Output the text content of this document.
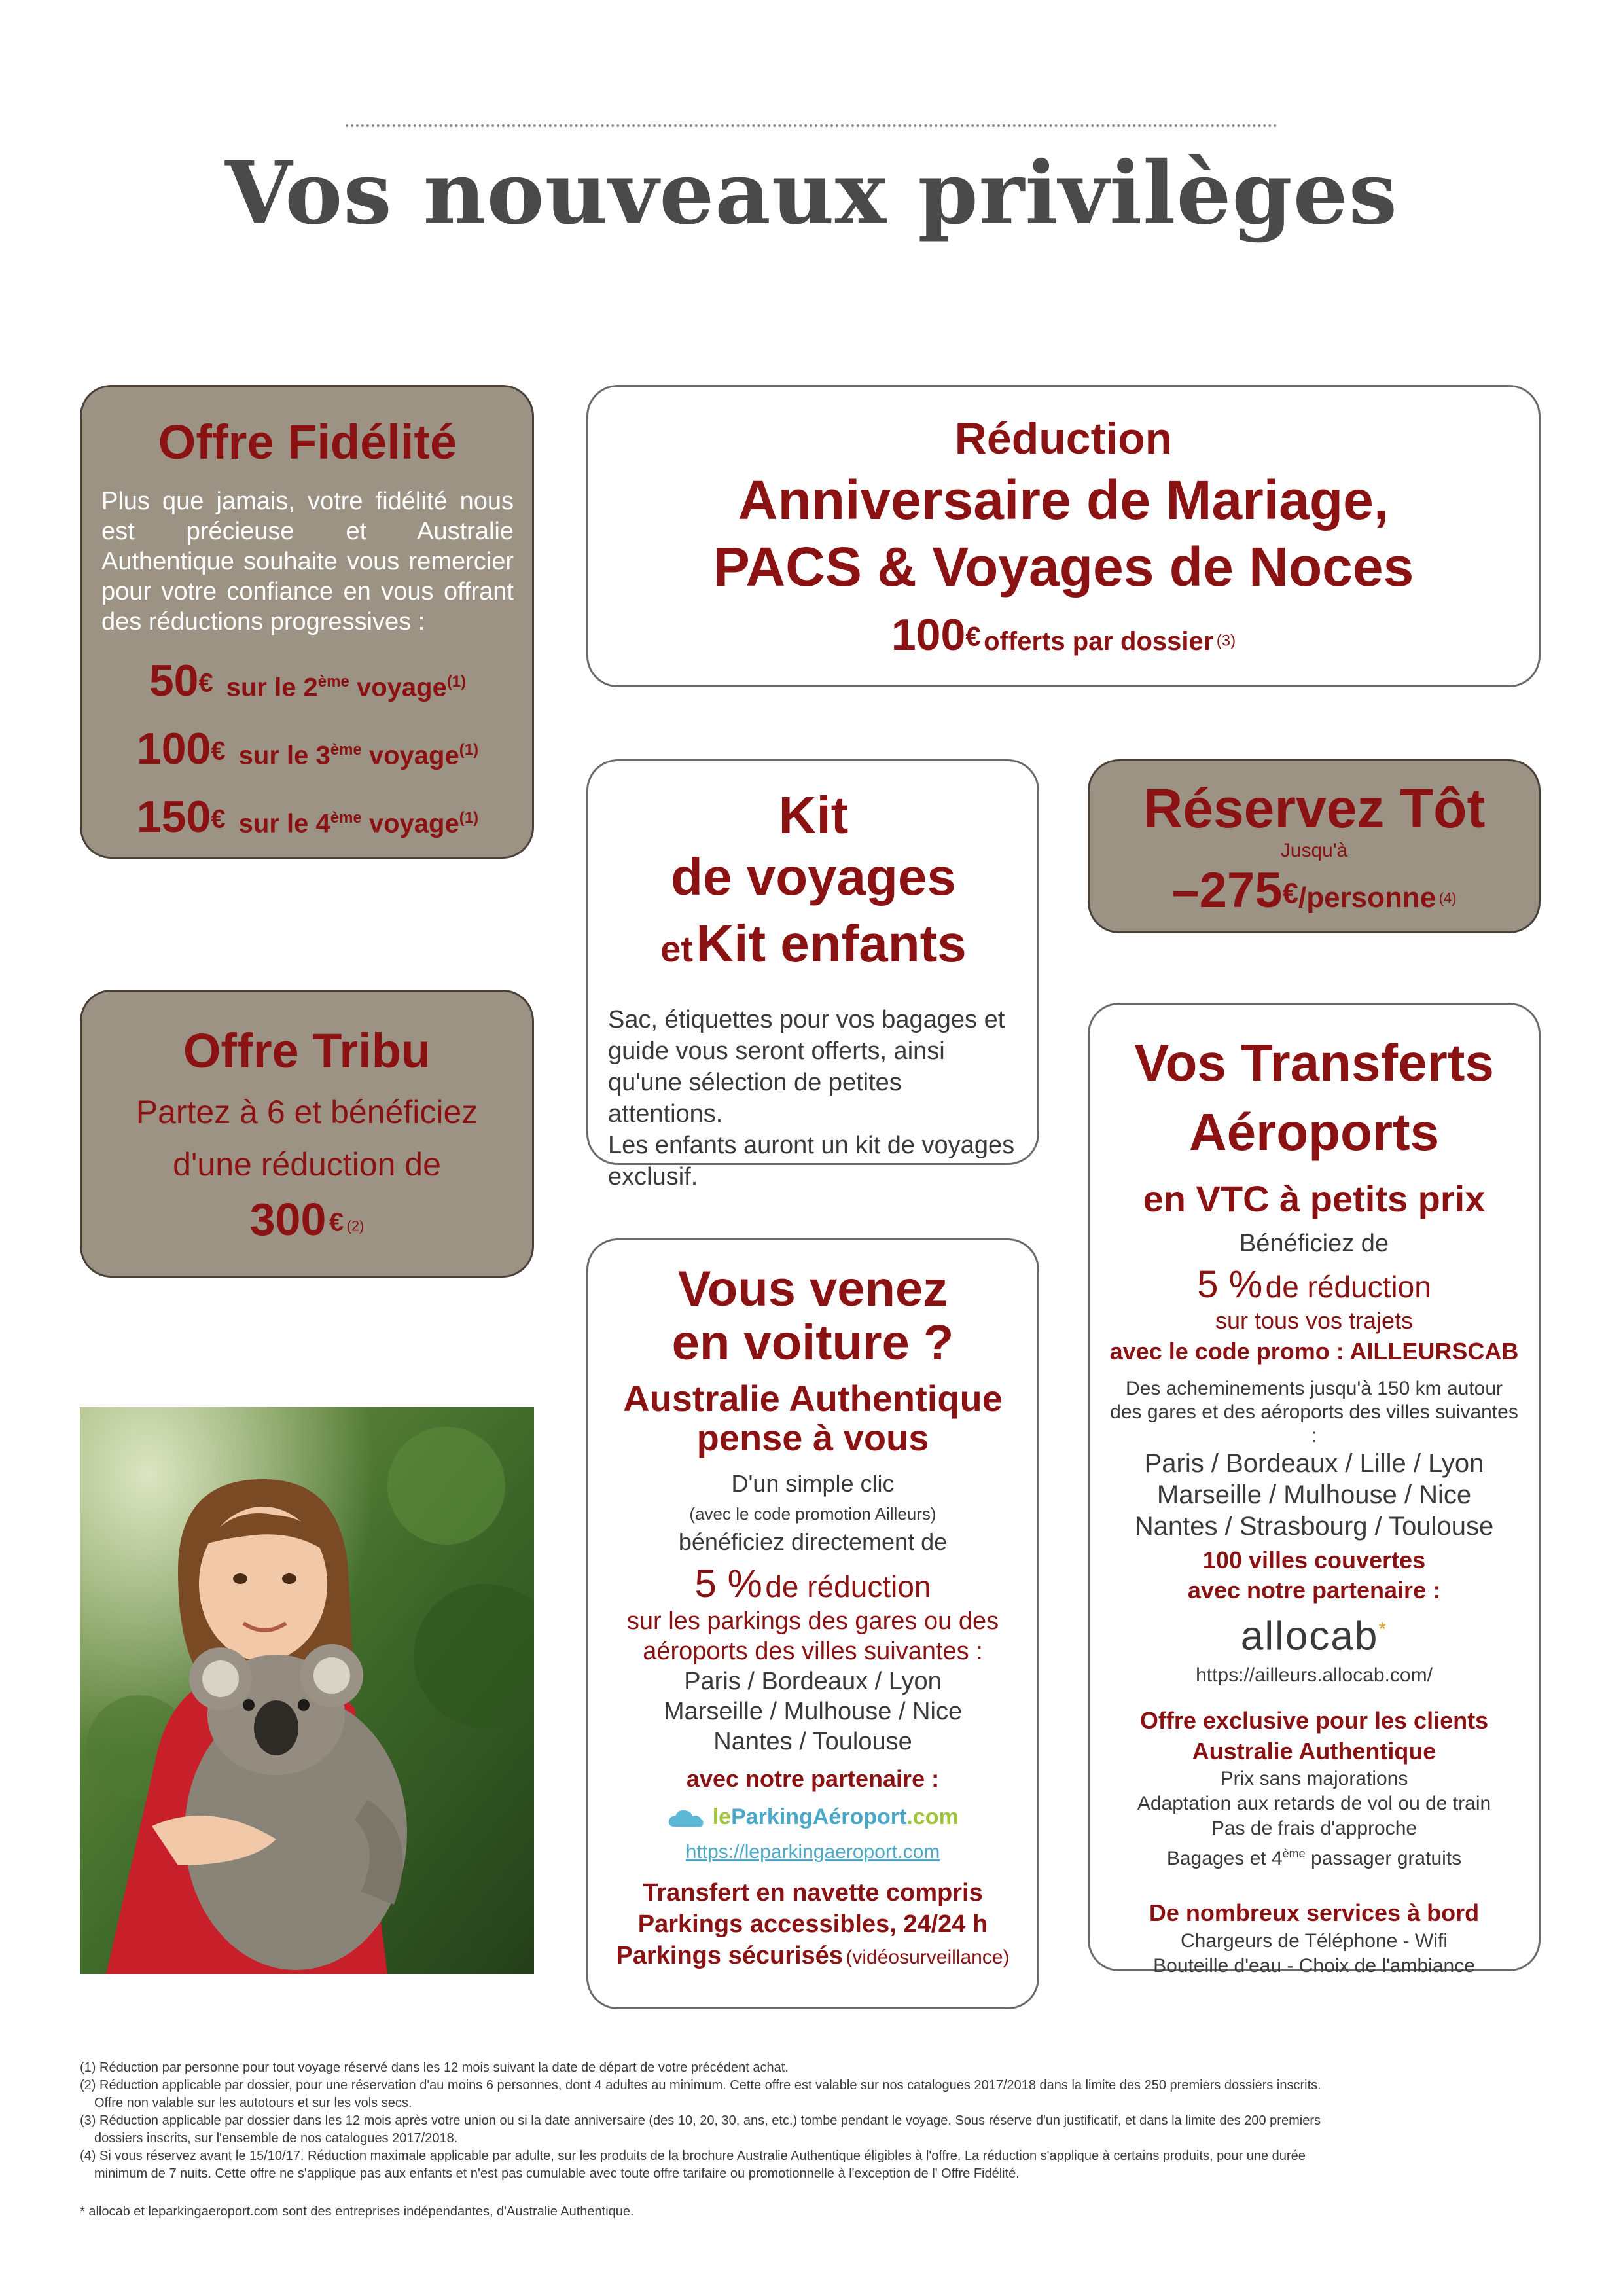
Vos nouveaux privilèges
Offre Fidélité
Plus que jamais, votre fidélité nous est précieuse et Australie Authentique souhaite vous remercier pour votre confiance en vous offrant des réductions progressives :
50€ sur le 2ème voyage$^{(1)}$
100€ sur le 3ème voyage$^{(1)}$
150€ sur le 4ème voyage$^{(1)}$
Réduction
Anniversaire de Mariage,
PACS & Voyages de Noces
100€ offerts par dossier (3)
Kit
de voyages
et Kit enfants
Sac, étiquettes pour vos bagages et guide vous seront offerts, ainsi qu'une sélection de petites attentions.
Les enfants auront un kit de voyages exclusif.
Réservez Tôt
Jusqu'à
–275€/personne (4)
Offre Tribu
Partez à 6 et bénéficiez
d'une réduction de
300 € (2)
Vos Transferts
Aéroports
en VTC à petits prix
Bénéficiez de
5 % de réduction
sur tous vos trajets
avec le code promo : AILLEURSCAB
Des acheminements jusqu'à 150 km autour des gares et des aéroports des villes suivantes :
Paris / Bordeaux / Lille / Lyon
Marseille / Mulhouse / Nice
Nantes / Strasbourg / Toulouse
100 villes couvertes
avec notre partenaire :
allocab*
https://ailleurs.allocab.com/
Offre exclusive pour les clients
Australie Authentique
Prix sans majorations
Adaptation aux retards de vol ou de train
Pas de frais d'approche
Bagages et 4ème passager gratuits
De nombreux services à bord
Chargeurs de Téléphone - Wifi
Bouteille d'eau - Choix de l'ambiance
Vous venez
en voiture ?
Australie Authentique
pense à vous
D'un simple clic
(avec le code promotion Ailleurs)
bénéficiez directement de
5 % de réduction
sur les parkings des gares ou des
aéroports des villes suivantes :
Paris / Bordeaux / Lyon
Marseille / Mulhouse / Nice
Nantes / Toulouse
avec notre partenaire :
leParkingAéroport.com
https://leparkingaeroport.com
Transfert en navette compris
Parkings accessibles, 24/24 h
Parkings sécurisés (vidéosurveillance)
(1) Réduction par personne pour tout voyage réservé dans les 12 mois suivant la date de départ de votre précédent achat.
(2) Réduction applicable par dossier, pour une réservation d'au moins 6 personnes, dont 4 adultes au minimum. Cette offre est valable sur nos catalogues 2017/2018 dans la limite des 250 premiers dossiers inscrits.
Offre non valable sur les autotours et sur les vols secs.
(3) Réduction applicable par dossier dans les 12 mois après votre union ou si la date anniversaire (des 10, 20, 30, ans, etc.) tombe pendant le voyage. Sous réserve d'un justificatif, et dans la limite des 200 premiers
dossiers inscrits, sur l'ensemble de nos catalogues 2017/2018.
(4) Si vous réservez avant le 15/10/17. Réduction maximale applicable par adulte, sur les produits de la brochure Australie Authentique éligibles à l'offre. La réduction s'applique à certains produits, pour une durée
minimum de 7 nuits. Cette offre ne s'applique pas aux enfants et n'est pas cumulable avec toute offre tarifaire ou promotionnelle à l'exception de l' Offre Fidélité.
* allocab et leparkingaeroport.com sont des entreprises indépendantes, d'Australie Authentique.
